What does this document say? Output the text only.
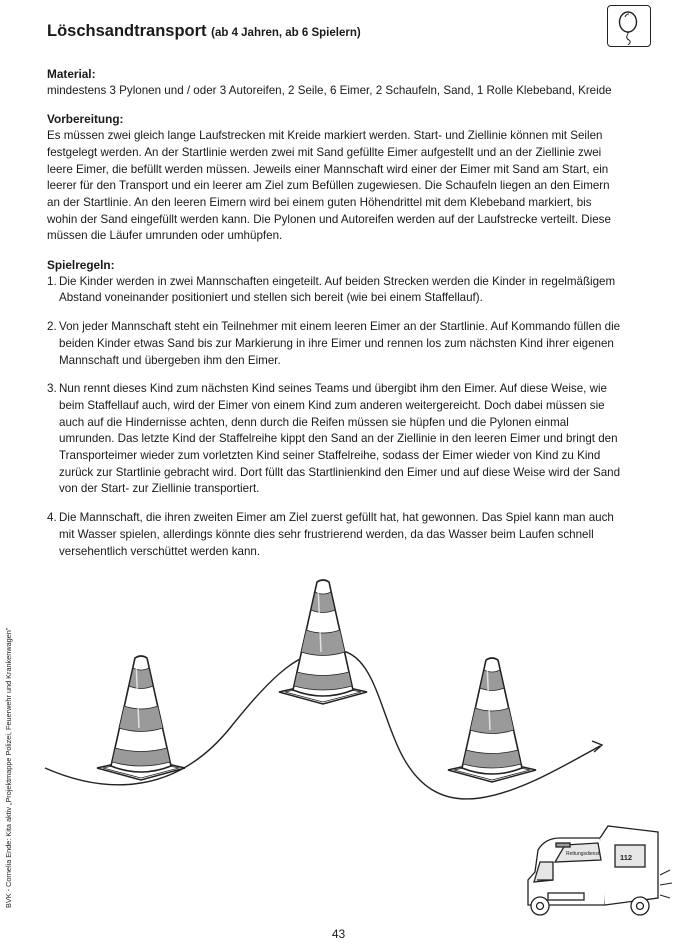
Löschsandtransport (ab 4 Jahren, ab 6 Spielern)
Material:

mindestens 3 Pylonen und / oder 3 Autoreifen, 2 Seile, 6 Eimer, 2 Schaufeln, Sand, 1 Rolle Klebeband, Kreide

Vorbereitung:

Es müssen zwei gleich lange Laufstrecken mit Kreide markiert werden. Start- und Ziellinie können mit Seilen festgelegt werden. An der Startlinie werden zwei mit Sand gefüllte Eimer aufgestellt und an der Ziellinie zwei leere Eimer, die befüllt werden müssen. Jeweils einer Mannschaft wird einer der Eimer mit Sand am Start, ein leerer für den Transport und ein leerer am Ziel zum Befüllen zugewiesen. Die Schaufeln liegen an den Eimern an der Startlinie. An den leeren Eimern wird bei einem guten Höhendrittel mit dem Klebeband markiert, bis wohin der Sand eingefüllt werden kann. Die Pylonen und Autoreifen werden auf der Laufstrecke verteilt. Diese müssen die Läufer umrunden oder umhüpfen.

Spielregeln:
1. Die Kinder werden in zwei Mannschaften eingeteilt. Auf beiden Strecken werden die Kinder in regelmäßigem Abstand voneinander positioniert und stellen sich bereit (wie bei einem Staffellauf).
2. Von jeder Mannschaft steht ein Teilnehmer mit einem leeren Eimer an der Startlinie. Auf Kommando füllen die beiden Kinder etwas Sand bis zur Markierung in ihre Eimer und rennen los zum nächsten Kind ihrer eigenen Mannschaft und übergeben ihm den Eimer.
3. Nun rennt dieses Kind zum nächsten Kind seines Teams und übergibt ihm den Eimer. Auf diese Weise, wie beim Staffellauf auch, wird der Eimer von einem Kind zum anderen weitergereicht. Doch dabei müssen sie auch auf die Hindernisse achten, denn durch die Reifen müssen sie hüpfen und die Pylonen einmal umrunden. Das letzte Kind der Staffelreihe kippt den Sand an der Ziellinie in den leeren Eimer und bringt den Transporteimer wieder zum vorletzten Kind seiner Staffelreihe, sodass der Eimer wieder von Kind zu Kind zurück zur Startlinie gebracht wird. Dort füllt das Startlinienkind den Eimer und auf diese Weise wird der Sand von der Start- zur Ziellinie transportiert.
4. Die Mannschaft, die ihren zweiten Eimer am Ziel zuerst gefüllt hat, hat gewonnen. Das Spiel kann man auch mit Wasser spielen, allerdings könnte dies sehr frustrierend werden, da das Wasser beim Laufen schnell versehentlich verschüttet werden kann.
112
Rettungsdienst
BVK - Cornelia Ende: Kita aktiv „Projektmappe Polizei, Feuerwehr und Krankenwagen"
43
